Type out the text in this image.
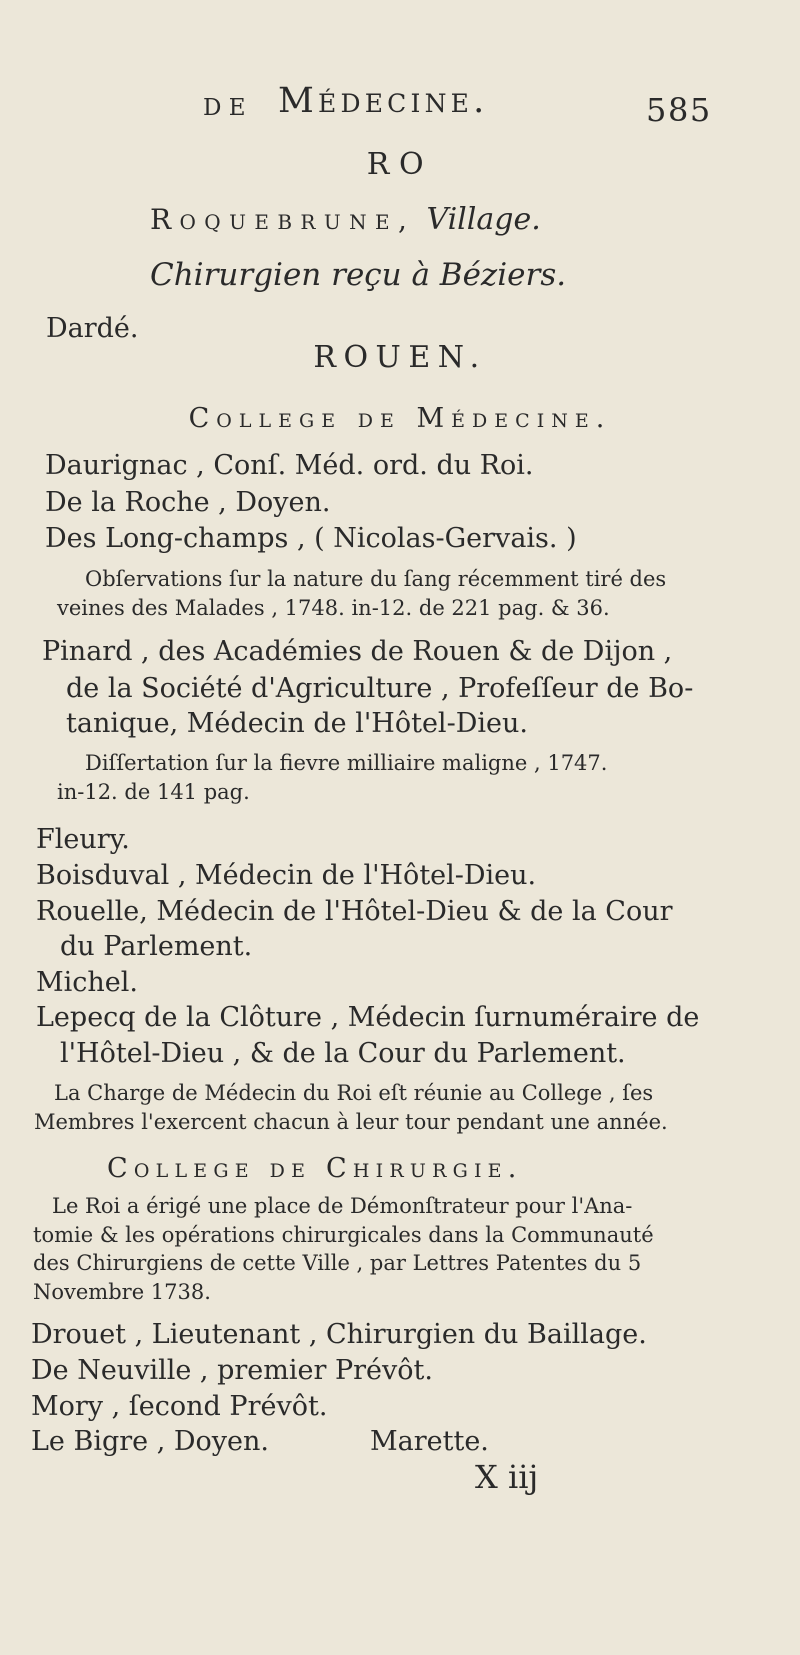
DE Médecine.	585
RO
Roquebrune, Village.
Chirurgien reçu à Béziers.
Dardé.
ROUEN.
College de Médecine.
Daurignac , Conſ. Méd. ord. du Roi.
De la Roche , Doyen.
Des Long-champs , ( Nicolas-Gervais. )
Obſervations ſur la nature du ſang récemment tiré des
veines des Malades , 1748. in-12. de 221 pag. & 36.
Pinard , des Académies de Rouen & de Dijon ,
de la Société d'Agriculture , Profeſſeur de Bo-
tanique, Médecin de l'Hôtel-Dieu.
Diſſertation ſur la fievre milliaire maligne , 1747.
in-12. de 141 pag.
Fleury.
Boisduval , Médecin de l'Hôtel-Dieu.
Rouelle, Médecin de l'Hôtel-Dieu & de la Cour
du Parlement.
Michel.
Lepecq de la Clôture , Médecin ſurnuméraire de
l'Hôtel-Dieu , & de la Cour du Parlement.
La Charge de Médecin du Roi eſt réunie au College , ſes
Membres l'exercent chacun à leur tour pendant une année.
College de Chirurgie.
Le Roi a érigé une place de Démonſtrateur pour l'Ana-
tomie & les opérations chirurgicales dans la Communauté
des Chirurgiens de cette Ville , par Lettres Patentes du 5
Novembre 1738.
Drouet , Lieutenant , Chirurgien du Baillage.
De Neuville , premier Prévôt.
Mory , ſecond Prévôt.
Le Bigre , Doyen.	Marette.
X iij
